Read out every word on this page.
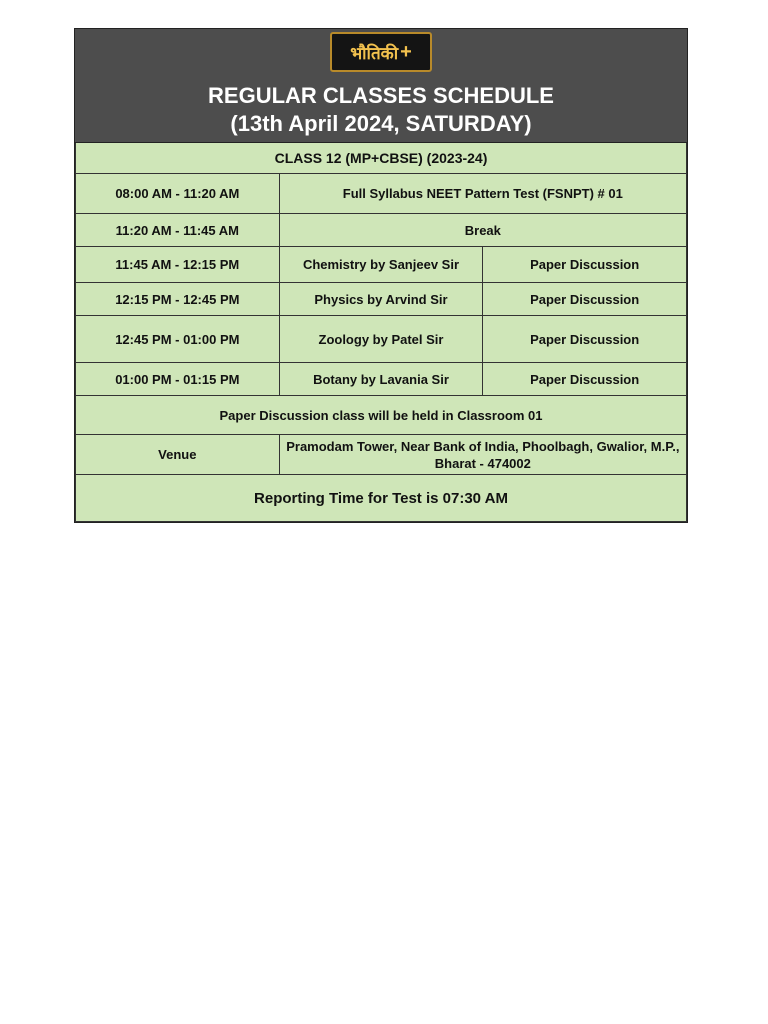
भौतिकी +
REGULAR CLASSES SCHEDULE
(13th April 2024, SATURDAY)
CLASS 12 (MP+CBSE) (2023-24)		
08:00 AM - 11:20 AM	Full Syllabus NEET Pattern Test (FSNPT) # 01	
11:20 AM - 11:45 AM	Break	
11:45 AM - 12:15 PM	Chemistry by Sanjeev Sir	Paper Discussion
12:15 PM - 12:45 PM	Physics by Arvind Sir	Paper Discussion
12:45 PM - 01:00 PM	Zoology by Patel Sir	Paper Discussion
01:00 PM - 01:15 PM	Botany by Lavania Sir	Paper Discussion
Paper Discussion class will be held in Classroom 01		
Venue	Pramodam Tower, Near Bank of India, Phoolbagh, Gwalior, M.P.,
Bharat - 474002	

Reporting Time for Test is 07:30 AM		
